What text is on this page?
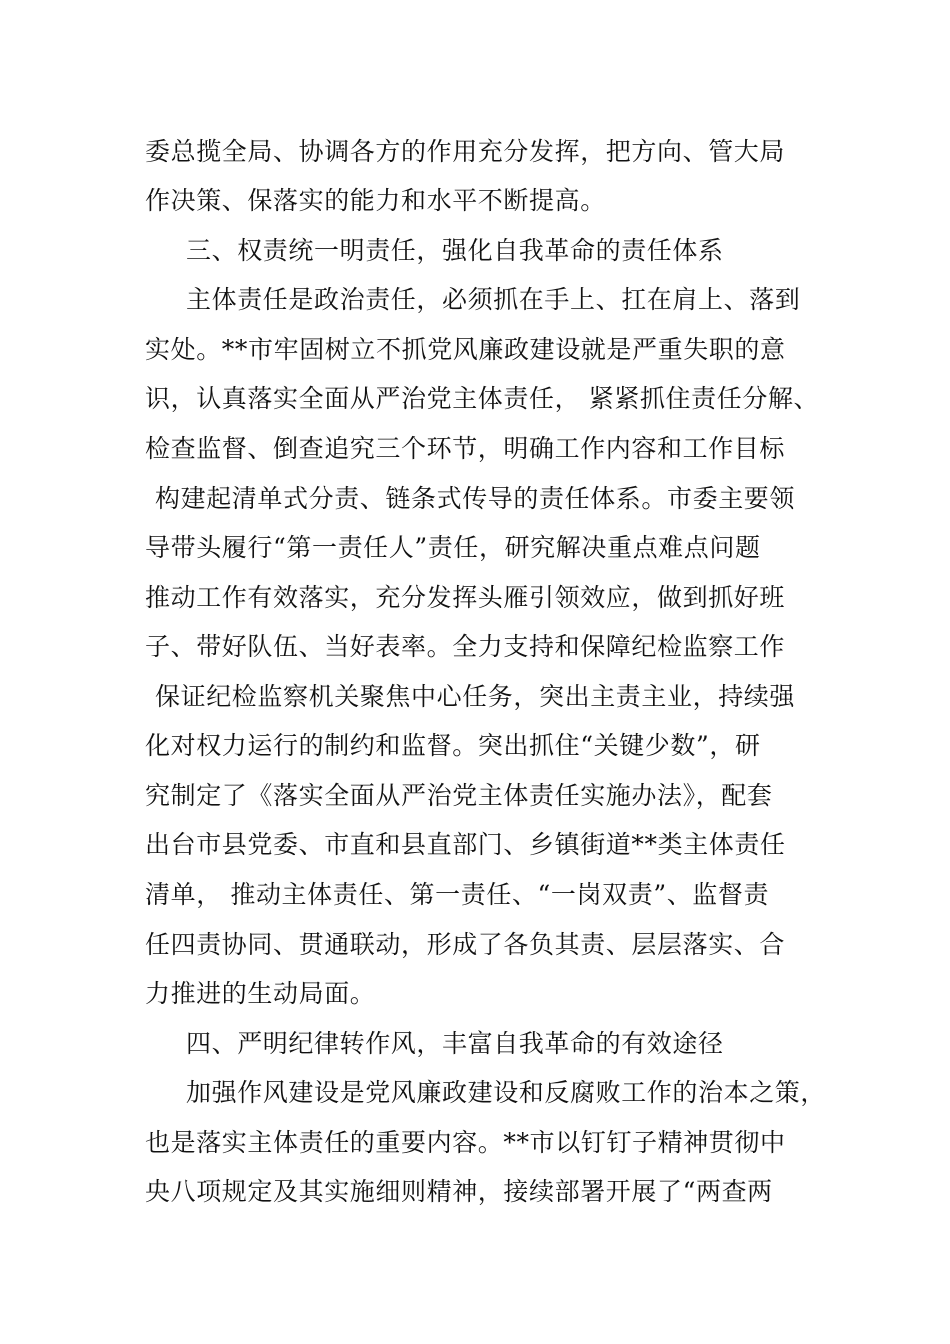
委总揽全局、协调各方的作用充分发挥，把方向、管大局
作决策、保落实的能力和水平不断提高。
三、权责统一明责任，强化自我革命的责任体系
主体责任是政治责任，必须抓在手上、扛在肩上、落到
实处。**市牢固树立不抓党风廉政建设就是严重失职的意
识，认真落实全面从严治党主体责任， 紧紧抓住责任分解、
检查监督、倒查追究三个环节，明确工作内容和工作目标
构建起清单式分责、链条式传导的责任体系。市委主要领
导带头履行“第一责任人”责任，研究解决重点难点问题
推动工作有效落实，充分发挥头雁引领效应，做到抓好班
子、带好队伍、当好表率。全力支持和保障纪检监察工作
保证纪检监察机关聚焦中心任务，突出主责主业，持续强
化对权力运行的制约和监督。突出抓住“关键少数”，研
究制定了《落实全面从严治党主体责任实施办法》，配套
出台市县党委、市直和县直部门、乡镇街道**类主体责任
清单， 推动主体责任、第一责任、“一岗双责”、监督责
任四责协同、贯通联动，形成了各负其责、层层落实、合
力推进的生动局面。
四、严明纪律转作风，丰富自我革命的有效途径
加强作风建设是党风廉政建设和反腐败工作的治本之策，
也是落实主体责任的重要内容。**市以钉钉子精神贯彻中
央八项规定及其实施细则精神，接续部署开展了“两查两
